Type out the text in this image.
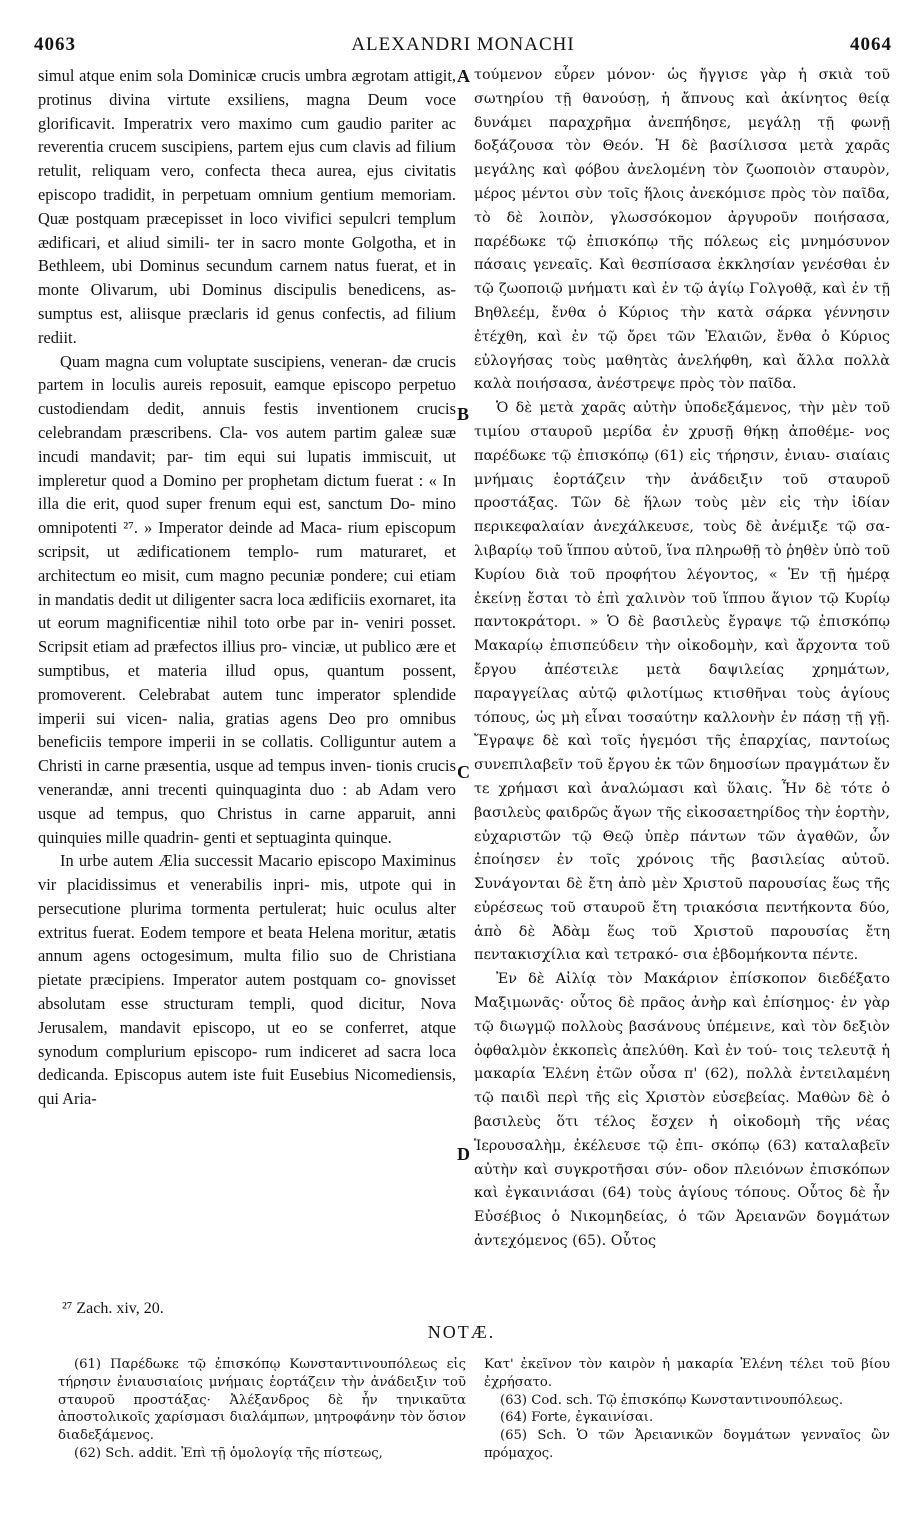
4063	ALEXANDRI MONACHI	4064

simul atque enim sola Dominicæ crucis umbra ægrotam attigit, protinus divina virtute exsiliens, magna Deum voce glorificavit. Imperatrix vero maximo cum gaudio pariter ac reverentia crucem suscipiens, partem ejus cum clavis ad filium retulit, reliquam vero, confecta theca aurea, ejus civitatis episcopo tradidit, in perpetuam omnium gentium memoriam. Quæ postquam præcepisset in loco vivifici sepulcri templum ædificari, et aliud simili- ter in sacro monte Golgotha, et in Bethleem, ubi Dominus secundum carnem natus fuerat, et in monte Olivarum, ubi Dominus discipulis benedicens, as- sumptus est, aliisque præclaris id genus confectis, ad filium rediit.

Quam magna cum voluptate suscipiens, veneran- dæ crucis partem in loculis aureis reposuit, eamque episcopo perpetuo custodiendam dedit, annuis festis inventionem crucis celebrandam præscribens. Cla- vos autem partim galeæ suæ incudi mandavit; par- tim equi sui lupatis immiscuit, ut impleretur quod a Domino per prophetam dictum fuerat : « In illa die erit, quod super frenum equi est, sanctum Do- mino omnipotenti ²⁷. » Imperator deinde ad Maca- rium episcopum scripsit, ut ædificationem templo- rum maturaret, et architectum eo misit, cum magno pecuniæ pondere; cui etiam in mandatis dedit ut diligenter sacra loca ædificiis exornaret, ita ut eorum magnificentiæ nihil toto orbe par in- veniri posset. Scripsit etiam ad præfectos illius pro- vinciæ, ut publico ære et sumptibus, et materia illud opus, quantum possent, promoverent. Celebrabat autem tunc imperator splendide imperii sui vicen- nalia, gratias agens Deo pro omnibus beneficiis tempore imperii in se collatis. Colliguntur autem a Christi in carne præsentia, usque ad tempus inven- tionis crucis venerandæ, anni trecenti quinquaginta duo : ab Adam vero usque ad tempus, quo Christus in carne apparuit, anni quinquies mille quadrin- genti et septuaginta quinque.

In urbe autem Ælia successit Macario episcopo Maximinus vir placidissimus et venerabilis inpri- mis, utpote qui in persecutione plurima tormenta pertulerat; huic oculus alter extritus fuerat. Eodem tempore et beata Helena moritur, ætatis annum agens octogesimum, multa filio suo de Christiana pietate præcipiens. Imperator autem postquam co- gnovisset absolutam esse structuram templi, quod dicitur, Nova Jerusalem, mandavit episcopo, ut eo se conferret, atque synodum complurium episcopo- rum indiceret ad sacra loca dedicanda. Episcopus autem iste fuit Eusebius Nicomediensis, qui Aria-

A
B
C
D

τούμενον εὗρεν μόνον· ὡς ἤγγισε γὰρ ἡ σκιὰ τοῦ σωτηρίου τῇ θανούσῃ, ἡ ἄπνους καὶ ἀκίνητος θείᾳ δυνάμει παραχρῆμα ἀνεπήδησε, μεγάλῃ τῇ φωνῇ δοξάζουσα τὸν Θεόν. Ἡ δὲ βασίλισσα μετὰ χαρᾶς μεγάλης καὶ φόβου ἀνελομένη τὸν ζωοποιὸν σταυρὸν, μέρος μέντοι σὺν τοῖς ἥλοις ἀνεκόμισε πρὸς τὸν παῖδα, τὸ δὲ λοιπὸν, γλωσσόκομον ἀργυροῦν ποιήσασα, παρέδωκε τῷ ἐπισκόπῳ τῆς πόλεως εἰς μνημόσυνον πάσαις γενεαῖς. Καὶ θεσπίσασα ἐκκλησίαν γενέσθαι ἐν τῷ ζωοποιῷ μνήματι καὶ ἐν τῷ ἁγίῳ Γολγοθᾷ, καὶ ἐν τῇ Βηθλεέμ, ἔνθα ὁ Κύριος τὴν κατὰ σάρκα γέννησιν ἐτέχθη, καὶ ἐν τῷ ὄρει τῶν Ἐλαιῶν, ἔνθα ὁ Κύριος εὐλογήσας τοὺς μαθητὰς ἀνελήφθη, καὶ ἄλλα πολλὰ καλὰ ποιήσασα, ἀνέστρεψε πρὸς τὸν παῖδα.

Ὁ δὲ μετὰ χαρᾶς αὐτὴν ὑποδεξάμενος, τὴν μὲν τοῦ τιμίου σταυροῦ μερίδα ἐν χρυσῇ θήκῃ ἀποθέμε- νος παρέδωκε τῷ ἐπισκόπῳ (61) εἰς τήρησιν, ἐνιαυ- σιαίαις μνήμαις ἑορτάζειν τὴν ἀνάδειξιν τοῦ σταυροῦ προστάξας. Τῶν δὲ ἥλων τοὺς μὲν εἰς τὴν ἰδίαν περικεφαλαίαν ἀνεχάλκευσε, τοὺς δὲ ἀνέμιξε τῷ σα- λιβαρίῳ τοῦ ἵππου αὐτοῦ, ἵνα πληρωθῇ τὸ ῥηθὲν ὑπὸ τοῦ Κυρίου διὰ τοῦ προφήτου λέγοντος, « Ἐν τῇ ἡμέρᾳ ἐκείνῃ ἔσται τὸ ἐπὶ χαλινὸν τοῦ ἵππου ἅγιον τῷ Κυρίῳ παντοκράτορι. » Ὁ δὲ βασιλεὺς ἔγραψε τῷ ἐπισκόπῳ Μακαρίῳ ἐπισπεύδειν τὴν οἰκοδομὴν, καὶ ἄρχοντα τοῦ ἔργου ἀπέστειλε μετὰ δαψιλείας χρημάτων, παραγγείλας αὐτῷ φιλοτίμως κτισθῆναι τοὺς ἁγίους τόπους, ὡς μὴ εἶναι τοσαύτην καλλονὴν ἐν πάσῃ τῇ γῇ. Ἔγραψε δὲ καὶ τοῖς ἡγεμόσι τῆς ἐπαρχίας, παντοίως συνεπιλαβεῖν τοῦ ἔργου ἐκ τῶν δημοσίων πραγμάτων ἔν τε χρήμασι καὶ ἀναλώμασι καὶ ὕλαις. Ἦν δὲ τότε ὁ βασιλεὺς φαιδρῶς ἄγων τῆς εἰκοσαετηρίδος τὴν ἑορτὴν, εὐχαριστῶν τῷ Θεῷ ὑπὲρ πάντων τῶν ἀγαθῶν, ὧν ἐποίησεν ἐν τοῖς χρόνοις τῆς βασιλείας αὐτοῦ. Συνάγονται δὲ ἔτη ἀπὸ μὲν Χριστοῦ παρουσίας ἕως τῆς εὑρέσεως τοῦ σταυροῦ ἔτη τριακόσια πεντήκοντα δύο, ἀπὸ δὲ Ἀδὰμ ἕως τοῦ Χριστοῦ παρουσίας ἔτη πεντακισχίλια καὶ τετρακό- σια ἑβδομήκοντα πέντε.

Ἐν δὲ Αἰλίᾳ τὸν Μακάριον ἐπίσκοπον διεδέξατο Μαξιμωνᾶς· οὗτος δὲ πρᾶος ἀνὴρ καὶ ἐπίσημος· ἐν γὰρ τῷ διωγμῷ πολλοὺς βασάνους ὑπέμεινε, καὶ τὸν δεξιὸν ὀφθαλμὸν ἐκκοπεὶς ἀπελύθη. Καὶ ἐν τού- τοις τελευτᾷ ἡ μακαρία Ἑλένη ἐτῶν οὖσα π' (62), πολλὰ ἐντειλαμένη τῷ παιδὶ περὶ τῆς εἰς Χριστὸν εὐσεβείας. Μαθὼν δὲ ὁ βασιλεὺς ὅτι τέλος ἔσχεν ἡ οἰκοδομὴ τῆς νέας Ἱερουσαλὴμ, ἐκέλευσε τῷ ἐπι- σκόπῳ (63) καταλαβεῖν αὐτὴν καὶ συγκροτῆσαι σύν- οδον πλειόνων ἐπισκόπων καὶ ἐγκαινιάσαι (64) τοὺς ἁγίους τόπους. Οὗτος δὲ ἦν Εὐσέβιος ὁ Νικομηδείας, ὁ τῶν Ἀρειανῶν δογμάτων ἀντεχόμενος (65). Οὗτος

²⁷ Zach. xiv, 20.
NOTÆ.

(61) Παρέδωκε τῷ ἐπισκόπῳ Κωνσταντινουπόλεως εἰς τήρησιν ἐνιαυσιαίοις μνήμαις ἑορτάζειν τὴν ἀνάδειξιν τοῦ σταυροῦ προστάξας· Ἀλέξανδρος δὲ ἦν τηνικαῦτα ἀποστολικοῖς χαρίσμασι διαλάμπων, μητροφάνην τὸν ὅσιον διαδεξάμενος.

(62) Sch. addit. Ἐπὶ τῇ ὁμολογίᾳ τῆς πίστεως,

Κατ' ἐκεῖνον τὸν καιρὸν ἡ μακαρία Ἑλένη τέλει τοῦ βίου ἐχρήσατο.

(63) Cod. sch. Τῷ ἐπισκόπῳ Κωνσταντινουπόλεως.

(64) Forte, ἐγκαινίσαι.

(65) Sch. Ὁ τῶν Ἀρειανικῶν δογμάτων γενναῖος ὢν πρόμαχος.
